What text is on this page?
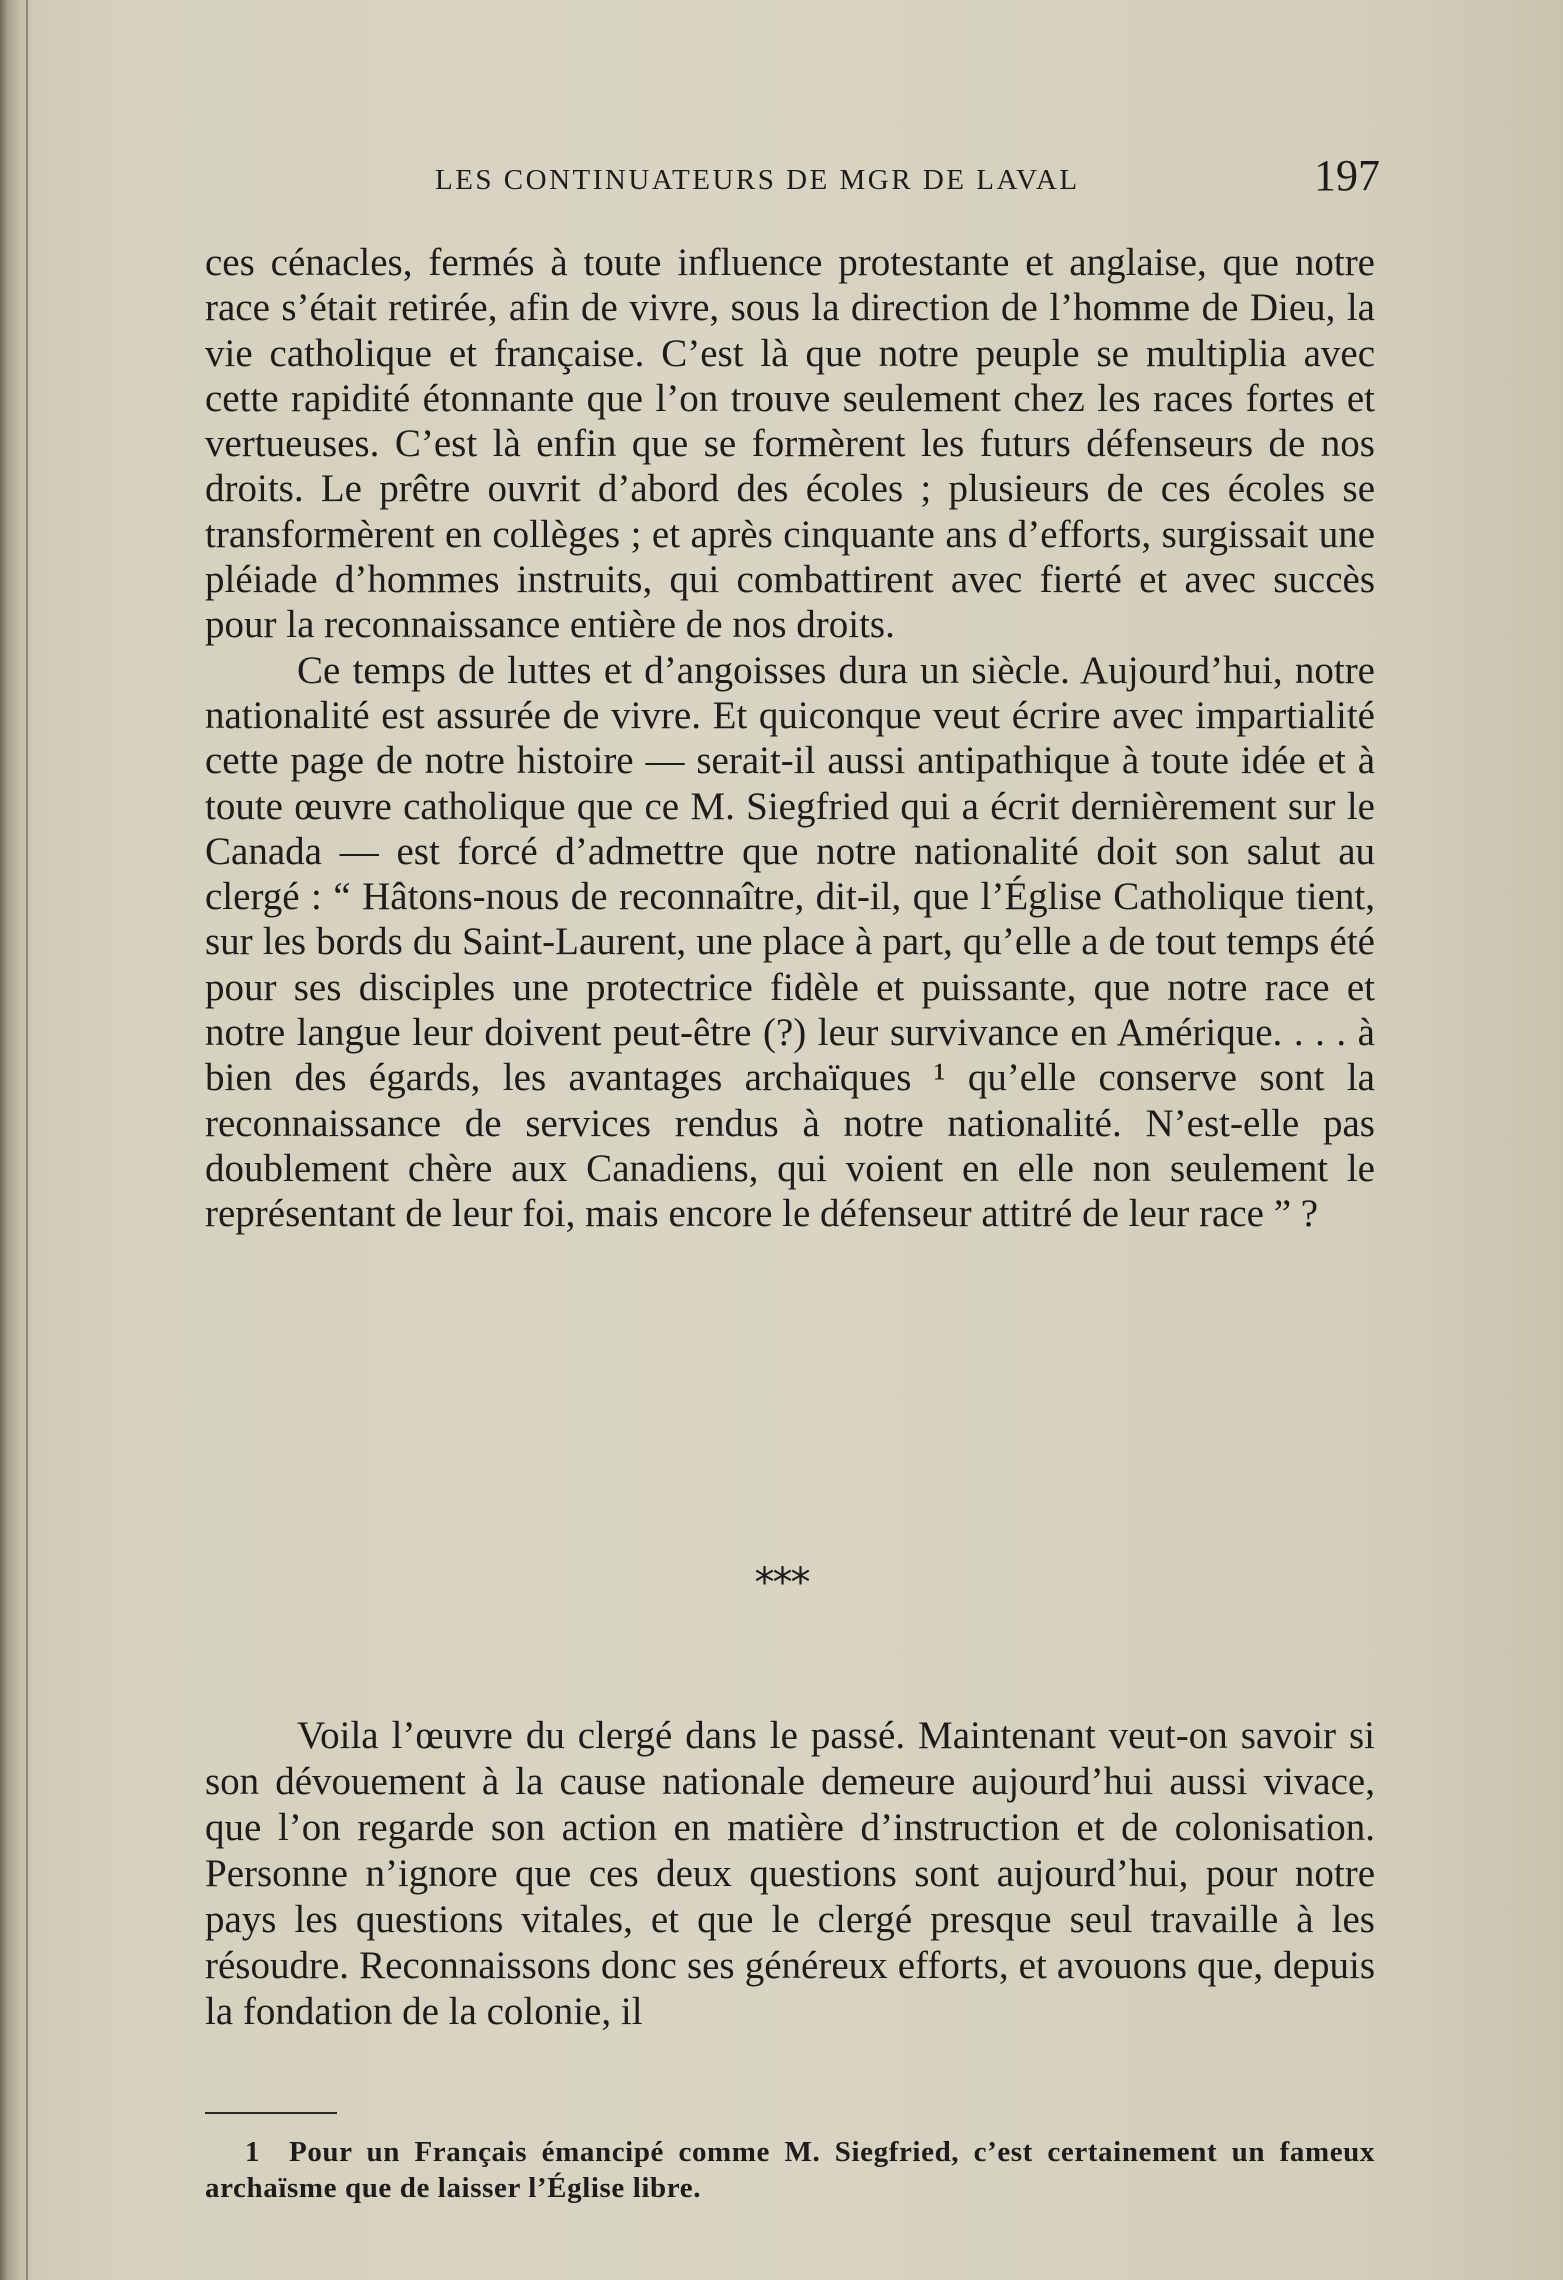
LES CONTINUATEURS DE MGR DE LAVAL	197

ces cénacles, fermés à toute influence protestante et anglaise, que notre race s’était retirée, afin de vivre, sous la direction de l’homme de Dieu, la vie catholique et française. C’est là que notre peuple se multiplia avec cette rapidité étonnante que l’on trouve seulement chez les races fortes et vertueuses. C’est là enfin que se formèrent les futurs défenseurs de nos droits. Le prêtre ouvrit d’abord des écoles ; plusieurs de ces écoles se transformèrent en collèges ; et après cinquante ans d’efforts, surgissait une pléiade d’hommes instruits, qui combattirent avec fierté et avec succès pour la reconnaissance entière de nos droits.

Ce temps de luttes et d’angoisses dura un siècle. Aujourd’hui, notre nationalité est assurée de vivre. Et quiconque veut écrire avec impartialité cette page de notre histoire — serait-il aussi antipathique à toute idée et à toute œuvre catholique que ce M. Siegfried qui a écrit dernièrement sur le Canada — est forcé d’admettre que notre nationalité doit son salut au clergé : “ Hâtons-nous de reconnaître, dit-il, que l’Église Catholique tient, sur les bords du Saint-Laurent, une place à part, qu’elle a de tout temps été pour ses disciples une protectrice fidèle et puissante, que notre race et notre langue leur doivent peut-être (?) leur survivance en Amérique. . . . à bien des égards, les avantages archaïques ¹ qu’elle conserve sont la reconnaissance de services rendus à notre nationalité. N’est-elle pas doublement chère aux Canadiens, qui voient en elle non seulement le représentant de leur foi, mais encore le défenseur attitré de leur race ” ?

***

Voila l’œuvre du clergé dans le passé. Maintenant veut-on savoir si son dévouement à la cause nationale demeure aujourd’hui aussi vivace, que l’on regarde son action en matière d’instruction et de colonisation. Personne n’ignore que ces deux questions sont aujourd’hui, pour notre pays les questions vitales, et que le clergé presque seul travaille à les résoudre. Reconnaissons donc ses généreux efforts, et avouons que, depuis la fondation de la colonie, il

1 Pour un Français émancipé comme M. Siegfried, c’est certainement un fameux archaïsme que de laisser l’Église libre.
